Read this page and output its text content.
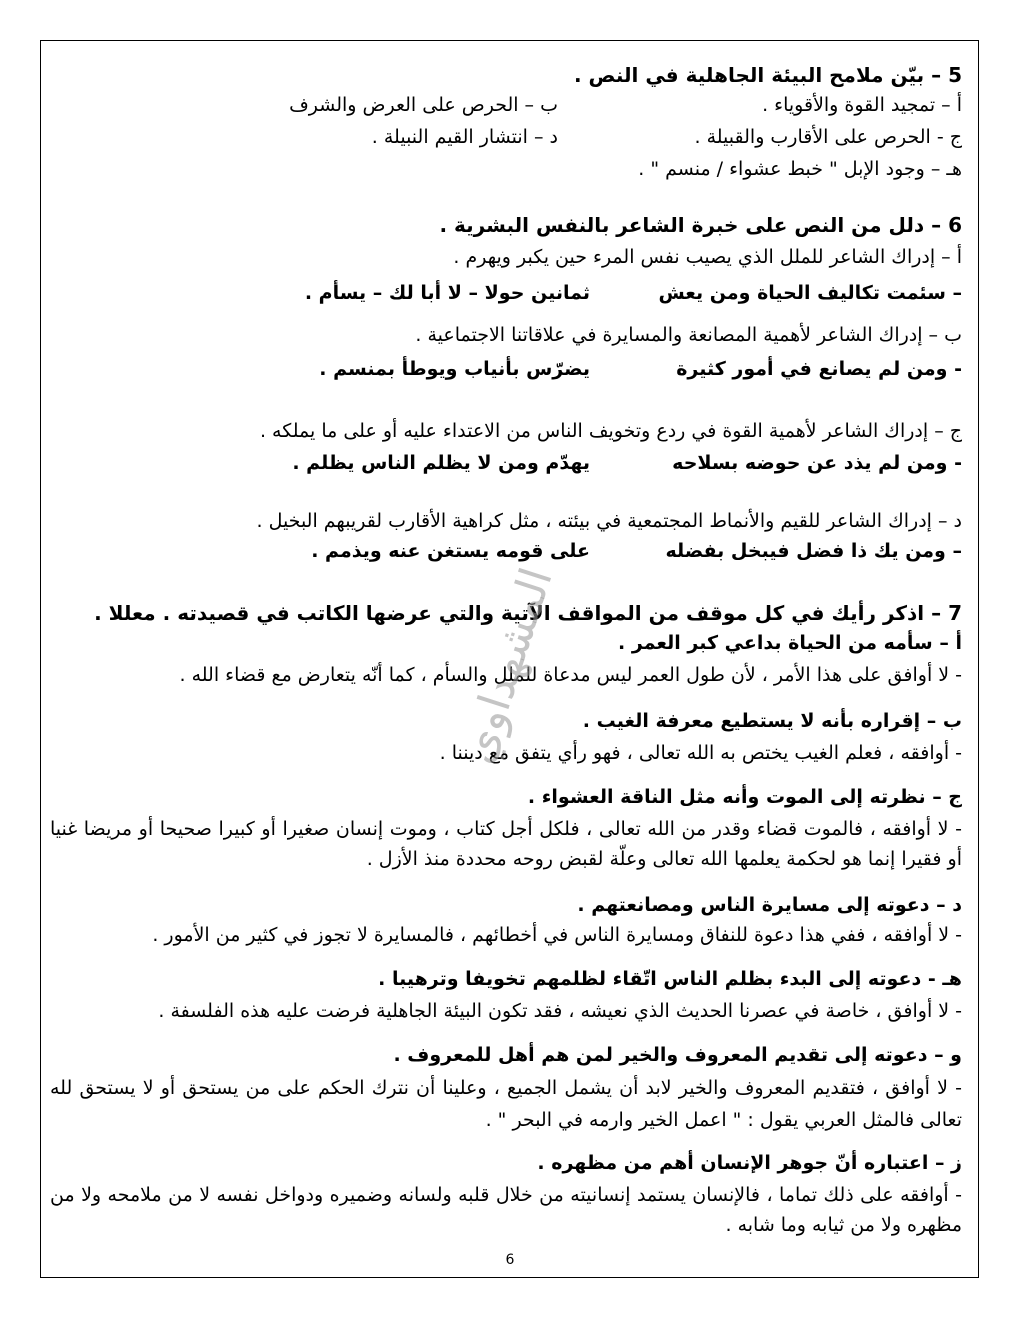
5 – بيّن ملامح البيئة الجاهلية في النص .
أ – تمجيد القوة والأقوياء .
ب – الحرص على العرض والشرف
ج - الحرص على الأقارب والقبيلة .
د – انتشار القيم النبيلة .
هـ – وجود الإبل " خبط عشواء / منسم " .
6 – دلل من النص على خبرة الشاعر بالنفس البشرية .
أ – إدراك الشاعر للملل الذي يصيب نفس المرء حين يكبر ويهرم .
– سئمت تكاليف الحياة ومن يعش
ثمانين حولا – لا أبا لك – يسأم .
ب – إدراك الشاعر لأهمية المصانعة والمسايرة في علاقاتنا الاجتماعية .
- ومن لم يصانع في أمور كثيرة
يضرّس بأنياب ويوطأ بمنسم .
ج – إدراك الشاعر لأهمية القوة في ردع وتخويف الناس من الاعتداء عليه أو على ما يملكه .
- ومن لم يذد عن حوضه بسلاحه
يهدّم ومن لا يظلم الناس يظلم .
د – إدراك الشاعر للقيم والأنماط المجتمعية في بيئته ، مثل كراهية الأقارب لقريبهم البخيل .
– ومن يك ذا فضل فيبخل بفضله
على قومه يستغن عنه ويذمم .
7 – اذكر رأيك في كل موقف من المواقف الآتية والتي عرضها الكاتب في قصيدته . معللا .
أ – سأمه من الحياة بداعي كبر العمر .
- لا أوافق على هذا الأمر ، لأن طول العمر ليس مدعاة للملل والسأم ، كما أنّه يتعارض مع قضاء الله .
ب – إقراره بأنه لا يستطيع معرفة الغيب .
- أوافقه ، فعلم الغيب يختص به الله تعالى ، فهو رأي يتفق مع ديننا .
ج – نظرته إلى الموت وأنه مثل الناقة العشواء .
- لا أوافقه ، فالموت قضاء وقدر من الله تعالى ، فلكل أجل كتاب ، وموت إنسان صغيرا أو كبيرا صحيحا أو مريضا غنيا أو فقيرا إنما هو لحكمة يعلمها الله تعالى وعلّة لقبض روحه محددة منذ الأزل .
د – دعوته إلى مسايرة الناس ومصانعتهم .
- لا أوافقه ، ففي هذا دعوة للنفاق ومسايرة الناس في أخطائهم ، فالمسايرة لا تجوز في كثير من الأمور .
هـ - دعوته إلى البدء بظلم الناس اتّقاء لظلمهم تخويفا وترهيبا .
- لا أوافق ، خاصة في عصرنا الحديث الذي نعيشه ، فقد تكون البيئة الجاهلية فرضت عليه هذه الفلسفة .
و – دعوته إلى تقديم المعروف والخير لمن هم أهل للمعروف .
- لا أوافق ، فتقديم المعروف والخير لابد أن يشمل الجميع ، وعلينا أن نترك الحكم على من يستحق أو لا يستحق لله تعالى فالمثل العربي يقول : " اعمل الخير وارمه في البحر " .
ز – اعتباره أنّ جوهر الإنسان أهم من مظهره .
- أوافقه على ذلك تماما ، فالإنسان يستمد إنسانيته من خلال قلبه ولسانه وضميره ودواخل نفسه لا من ملامحه ولا من مظهره ولا من ثيابه وما شابه .
المشهداوي
6
